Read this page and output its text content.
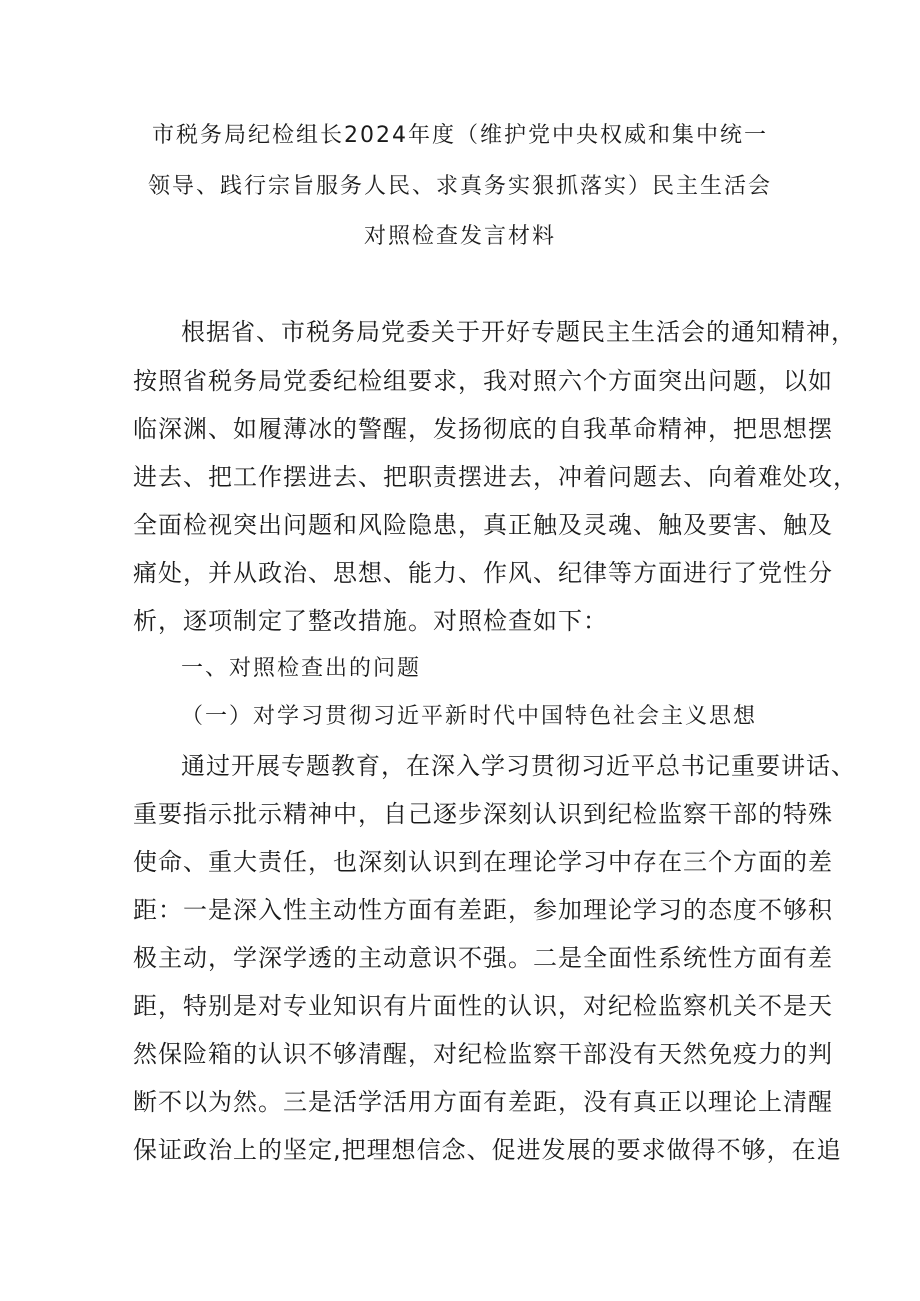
市税务局纪检组长2024年度（维护党中央权威和集中统一
领导、践行宗旨服务人民、求真务实狠抓落实）民主生活会
对照检查发言材料
根据省、市税务局党委关于开好专题民主生活会的通知精神，
按照省税务局党委纪检组要求，我对照六个方面突出问题，以如
临深渊、如履薄冰的警醒，发扬彻底的自我革命精神，把思想摆
进去、把工作摆进去、把职责摆进去，冲着问题去、向着难处攻，
全面检视突出问题和风险隐患，真正触及灵魂、触及要害、触及
痛处，并从政治、思想、能力、作风、纪律等方面进行了党性分
析，逐项制定了整改措施。对照检查如下：
一、对照检查出的问题
（一）对学习贯彻习近平新时代中国特色社会主义思想
通过开展专题教育，在深入学习贯彻习近平总书记重要讲话、
重要指示批示精神中，自己逐步深刻认识到纪检监察干部的特殊
使命、重大责任，也深刻认识到在理论学习中存在三个方面的差
距：一是深入性主动性方面有差距，参加理论学习的态度不够积
极主动，学深学透的主动意识不强。二是全面性系统性方面有差
距，特别是对专业知识有片面性的认识，对纪检监察机关不是天
然保险箱的认识不够清醒，对纪检监察干部没有天然免疫力的判
断不以为然。三是活学活用方面有差距，没有真正以理论上清醒
保证政治上的坚定,把理想信念、促进发展的要求做得不够，在追
